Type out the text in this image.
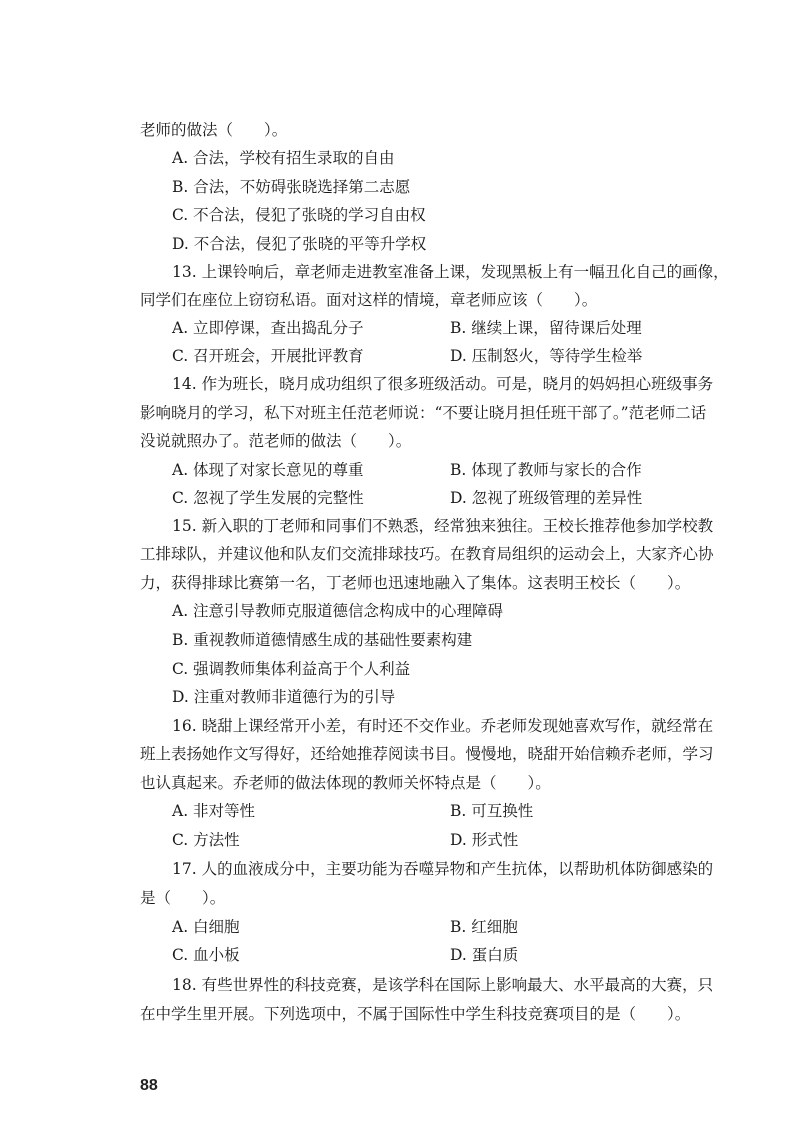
老师的做法（　　）。
A. 合法，学校有招生录取的自由
B. 合法，不妨碍张晓选择第二志愿
C. 不合法，侵犯了张晓的学习自由权
D. 不合法，侵犯了张晓的平等升学权
13. 上课铃响后，章老师走进教室准备上课，发现黑板上有一幅丑化自己的画像，
同学们在座位上窃窃私语。面对这样的情境，章老师应该（　　）。
A. 立即停课，查出捣乱分子	B. 继续上课，留待课后处理
C. 召开班会，开展批评教育	D. 压制怒火，等待学生检举
14. 作为班长，晓月成功组织了很多班级活动。可是，晓月的妈妈担心班级事务
影响晓月的学习，私下对班主任范老师说：“不要让晓月担任班干部了。”范老师二话
没说就照办了。范老师的做法（　　）。
A. 体现了对家长意见的尊重	B. 体现了教师与家长的合作
C. 忽视了学生发展的完整性	D. 忽视了班级管理的差异性
15. 新入职的丁老师和同事们不熟悉，经常独来独往。王校长推荐他参加学校教
工排球队，并建议他和队友们交流排球技巧。在教育局组织的运动会上，大家齐心协
力，获得排球比赛第一名，丁老师也迅速地融入了集体。这表明王校长（　　）。
A. 注意引导教师克服道德信念构成中的心理障碍
B. 重视教师道德情感生成的基础性要素构建
C. 强调教师集体利益高于个人利益
D. 注重对教师非道德行为的引导
16. 晓甜上课经常开小差，有时还不交作业。乔老师发现她喜欢写作，就经常在
班上表扬她作文写得好，还给她推荐阅读书目。慢慢地，晓甜开始信赖乔老师，学习
也认真起来。乔老师的做法体现的教师关怀特点是（　　）。
A. 非对等性	B. 可互换性
C. 方法性	D. 形式性
17. 人的血液成分中，主要功能为吞噬异物和产生抗体，以帮助机体防御感染的
是（　　）。
A. 白细胞	B. 红细胞
C. 血小板	D. 蛋白质
18. 有些世界性的科技竞赛，是该学科在国际上影响最大、水平最高的大赛，只
在中学生里开展。下列选项中，不属于国际性中学生科技竞赛项目的是（　　）。
88
